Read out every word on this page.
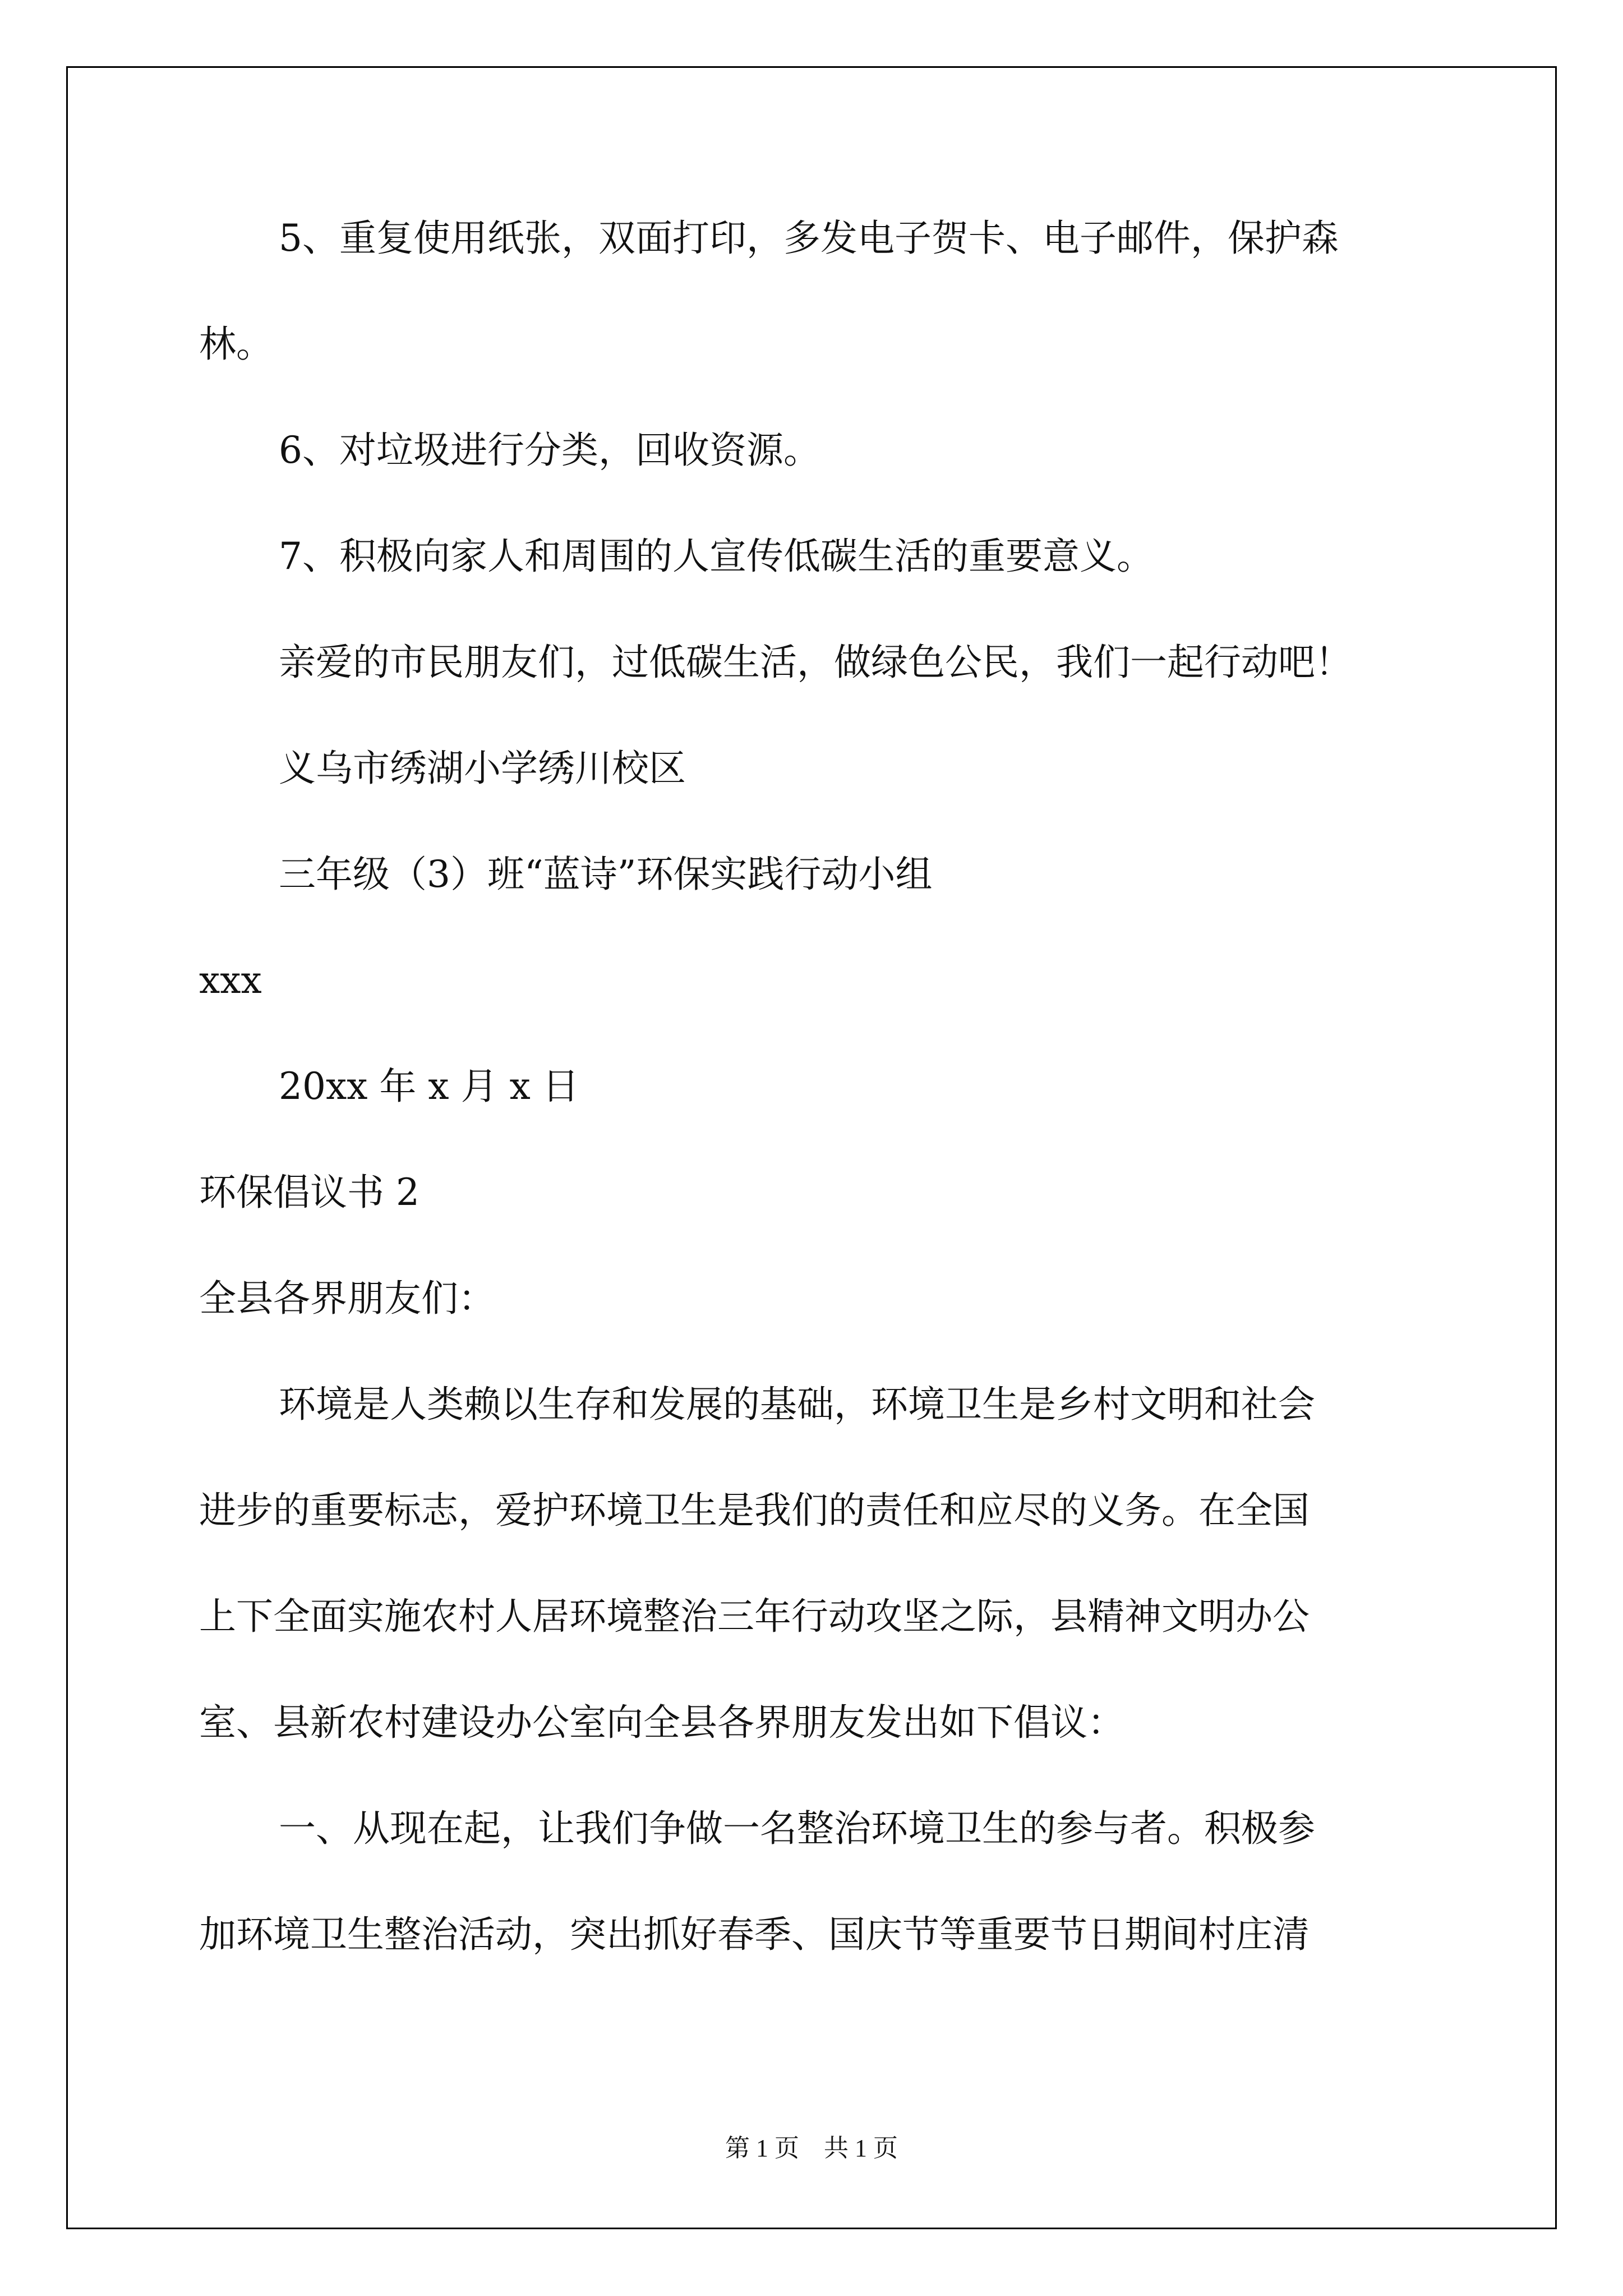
5、重复使用纸张，双面打印，多发电子贺卡、电子邮件，保护森
林。
6、对垃圾进行分类，回收资源。
7、积极向家人和周围的人宣传低碳生活的重要意义。
亲爱的市民朋友们，过低碳生活，做绿色公民，我们一起行动吧！
义乌市绣湖小学绣川校区
三年级（3）班“蓝诗”环保实践行动小组
xxx
20xx 年 x 月 x 日
环保倡议书 2
全县各界朋友们：
环境是人类赖以生存和发展的基础，环境卫生是乡村文明和社会
进步的重要标志，爱护环境卫生是我们的责任和应尽的义务。在全国
上下全面实施农村人居环境整治三年行动攻坚之际，县精神文明办公
室、县新农村建设办公室向全县各界朋友发出如下倡议：
一、从现在起，让我们争做一名整治环境卫生的参与者。积极参
加环境卫生整治活动，突出抓好春季、国庆节等重要节日期间村庄清
第 1 页 共 1 页
